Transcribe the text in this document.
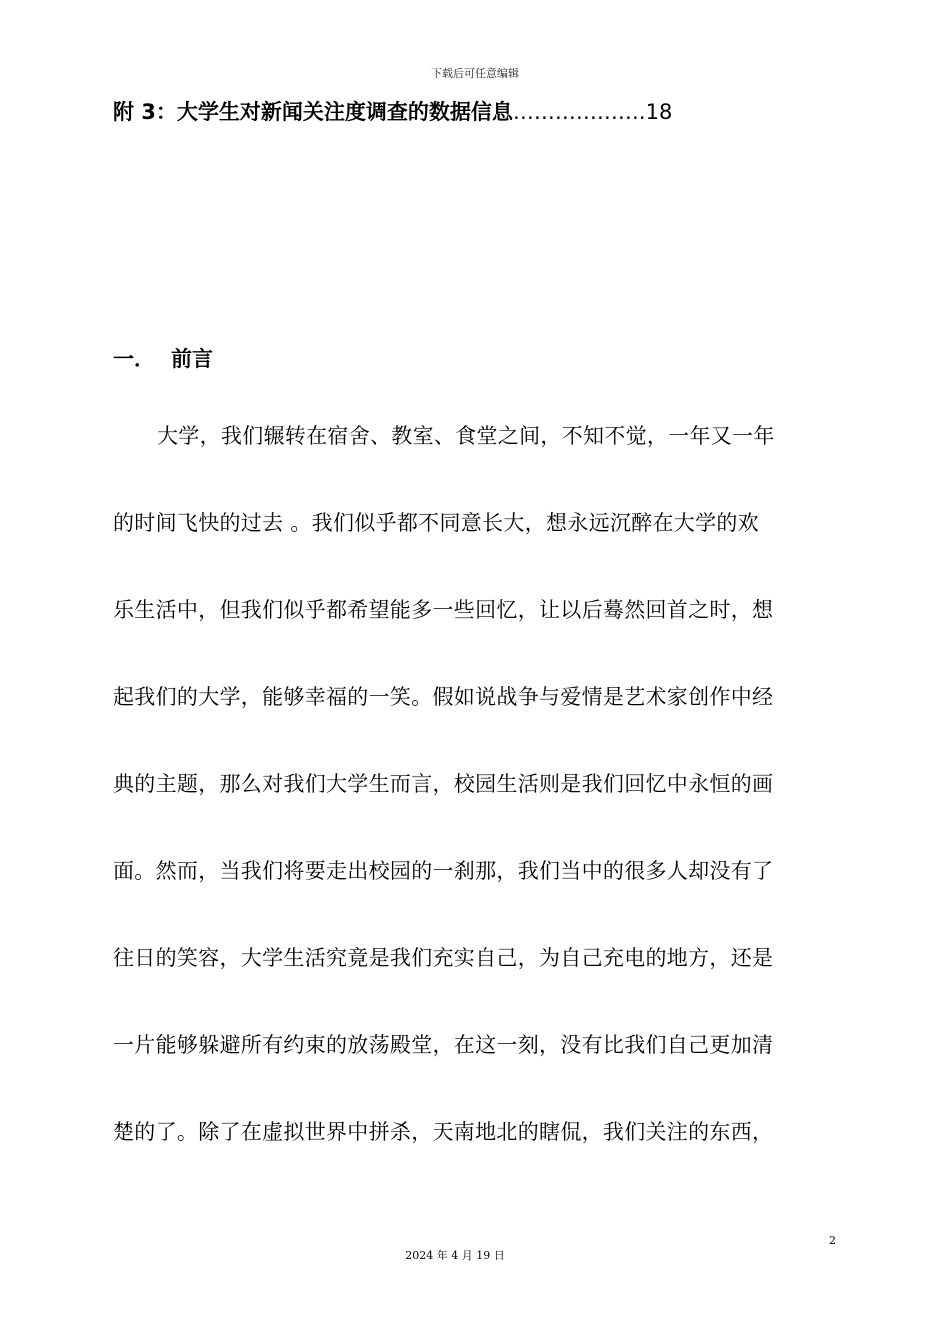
下载后可任意编辑
附 3：大学生对新闻关注度调查的数据信息……………….18
一． 前言
大学，我们辗转在宿舍、教室、食堂之间，不知不觉，一年又一年
的时间飞快的过去 。我们似乎都不同意长大，想永远沉醉在大学的欢
乐生活中，但我们似乎都希望能多一些回忆，让以后蓦然回首之时，想
起我们的大学，能够幸福的一笑。假如说战争与爱情是艺术家创作中经
典的主题，那么对我们大学生而言，校园生活则是我们回忆中永恒的画
面。然而，当我们将要走出校园的一刹那，我们当中的很多人却没有了
往日的笑容，大学生活究竟是我们充实自己，为自己充电的地方，还是
一片能够躲避所有约束的放荡殿堂，在这一刻，没有比我们自己更加清
楚的了。除了在虚拟世界中拼杀，天南地北的瞎侃，我们关注的东西，
2
2024 年 4 月 19 日
